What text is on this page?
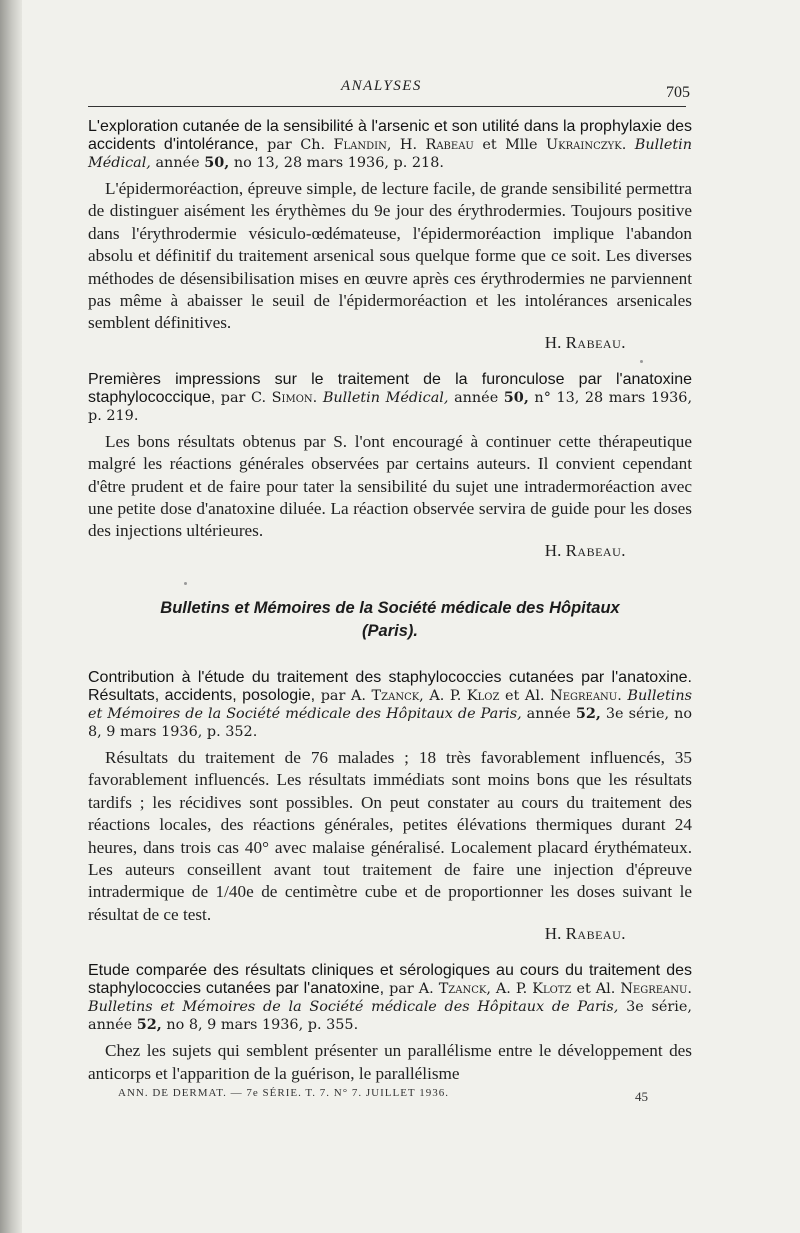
ANALYSES	705

L'exploration cutanée de la sensibilité à l'arsenic et son utilité dans la prophylaxie des accidents d'intolérance, par Ch. Flandin, H. Rabeau et Mlle Ukrainczyk. Bulletin Médical, année 50, no 13, 28 mars 1936, p. 218.

L'épidermoréaction, épreuve simple, de lecture facile, de grande sensibilité permettra de distinguer aisément les érythèmes du 9e jour des érythrodermies. Toujours positive dans l'érythrodermie vésiculo-œdémateuse, l'épidermoréaction implique l'abandon absolu et définitif du traitement arsenical sous quelque forme que ce soit. Les diverses méthodes de désensibilisation mises en œuvre après ces érythrodermies ne parviennent pas même à abaisser le seuil de l'épidermoréaction et les intolérances arsenicales semblent définitives.

H. Rabeau.

Premières impressions sur le traitement de la furonculose par l'anatoxine staphylococcique, par C. Simon. Bulletin Médical, année 50, n° 13, 28 mars 1936, p. 219.

Les bons résultats obtenus par S. l'ont encouragé à continuer cette thérapeutique malgré les réactions générales observées par certains auteurs. Il convient cependant d'être prudent et de faire pour tater la sensibilité du sujet une intradermoréaction avec une petite dose d'anatoxine diluée. La réaction observée servira de guide pour les doses des injections ultérieures.

H. Rabeau.
Bulletins et Mémoires de la Société médicale des Hôpitaux
(Paris).

Contribution à l'étude du traitement des staphylococcies cutanées par l'anatoxine. Résultats, accidents, posologie, par A. Tzanck, A. P. Kloz et Al. Negreanu. Bulletins et Mémoires de la Société médicale des Hôpitaux de Paris, année 52, 3e série, no 8, 9 mars 1936, p. 352.

Résultats du traitement de 76 malades ; 18 très favorablement influencés, 35 favorablement influencés. Les résultats immédiats sont moins bons que les résultats tardifs ; les récidives sont possibles. On peut constater au cours du traitement des réactions locales, des réactions générales, petites élévations thermiques durant 24 heures, dans trois cas 40° avec malaise généralisé. Localement placard érythémateux. Les auteurs conseillent avant tout traitement de faire une injection d'épreuve intradermique de 1/40e de centimètre cube et de proportionner les doses suivant le résultat de ce test.

H. Rabeau.

Etude comparée des résultats cliniques et sérologiques au cours du traitement des staphylococcies cutanées par l'anatoxine, par A. Tzanck, A. P. Klotz et Al. Negreanu. Bulletins et Mémoires de la Société médicale des Hôpitaux de Paris, 3e série, année 52, no 8, 9 mars 1936, p. 355.

Chez les sujets qui semblent présenter un parallélisme entre le développement des anticorps et l'apparition de la guérison, le parallélisme

ANN. DE DERMAT. — 7e SÉRIE. T. 7. N° 7. JUILLET 1936.	45
